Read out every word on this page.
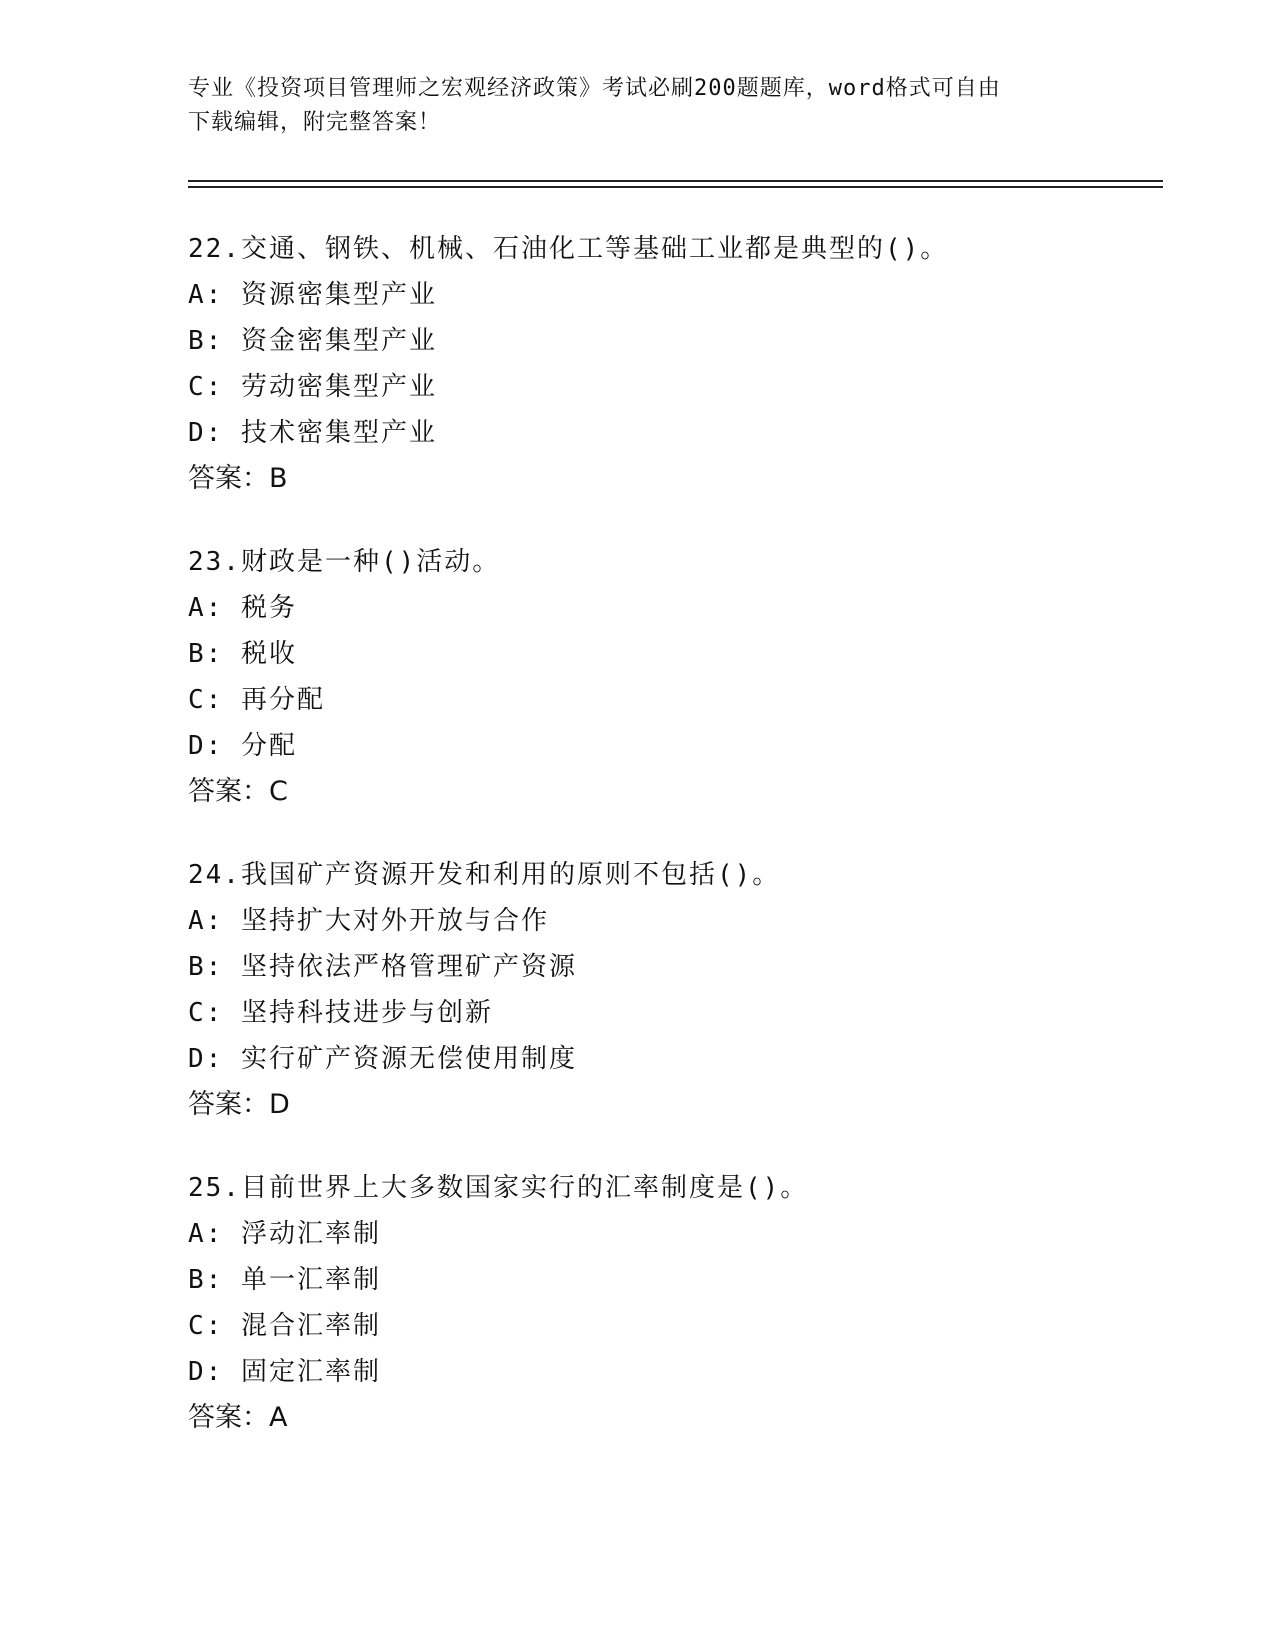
专业《投资项目管理师之宏观经济政策》考试必刷200题题库，word格式可自由
下载编辑，附完整答案！
22.交通、钢铁、机械、石油化工等基础工业都是典型的()。
A: 资源密集型产业
B: 资金密集型产业
C: 劳动密集型产业
D: 技术密集型产业
答案：B
23.财政是一种()活动。
A: 税务
B: 税收
C: 再分配
D: 分配
答案：C
24.我国矿产资源开发和利用的原则不包括()。
A: 坚持扩大对外开放与合作
B: 坚持依法严格管理矿产资源
C: 坚持科技进步与创新
D: 实行矿产资源无偿使用制度
答案：D
25.目前世界上大多数国家实行的汇率制度是()。
A: 浮动汇率制
B: 单一汇率制
C: 混合汇率制
D: 固定汇率制
答案：A
